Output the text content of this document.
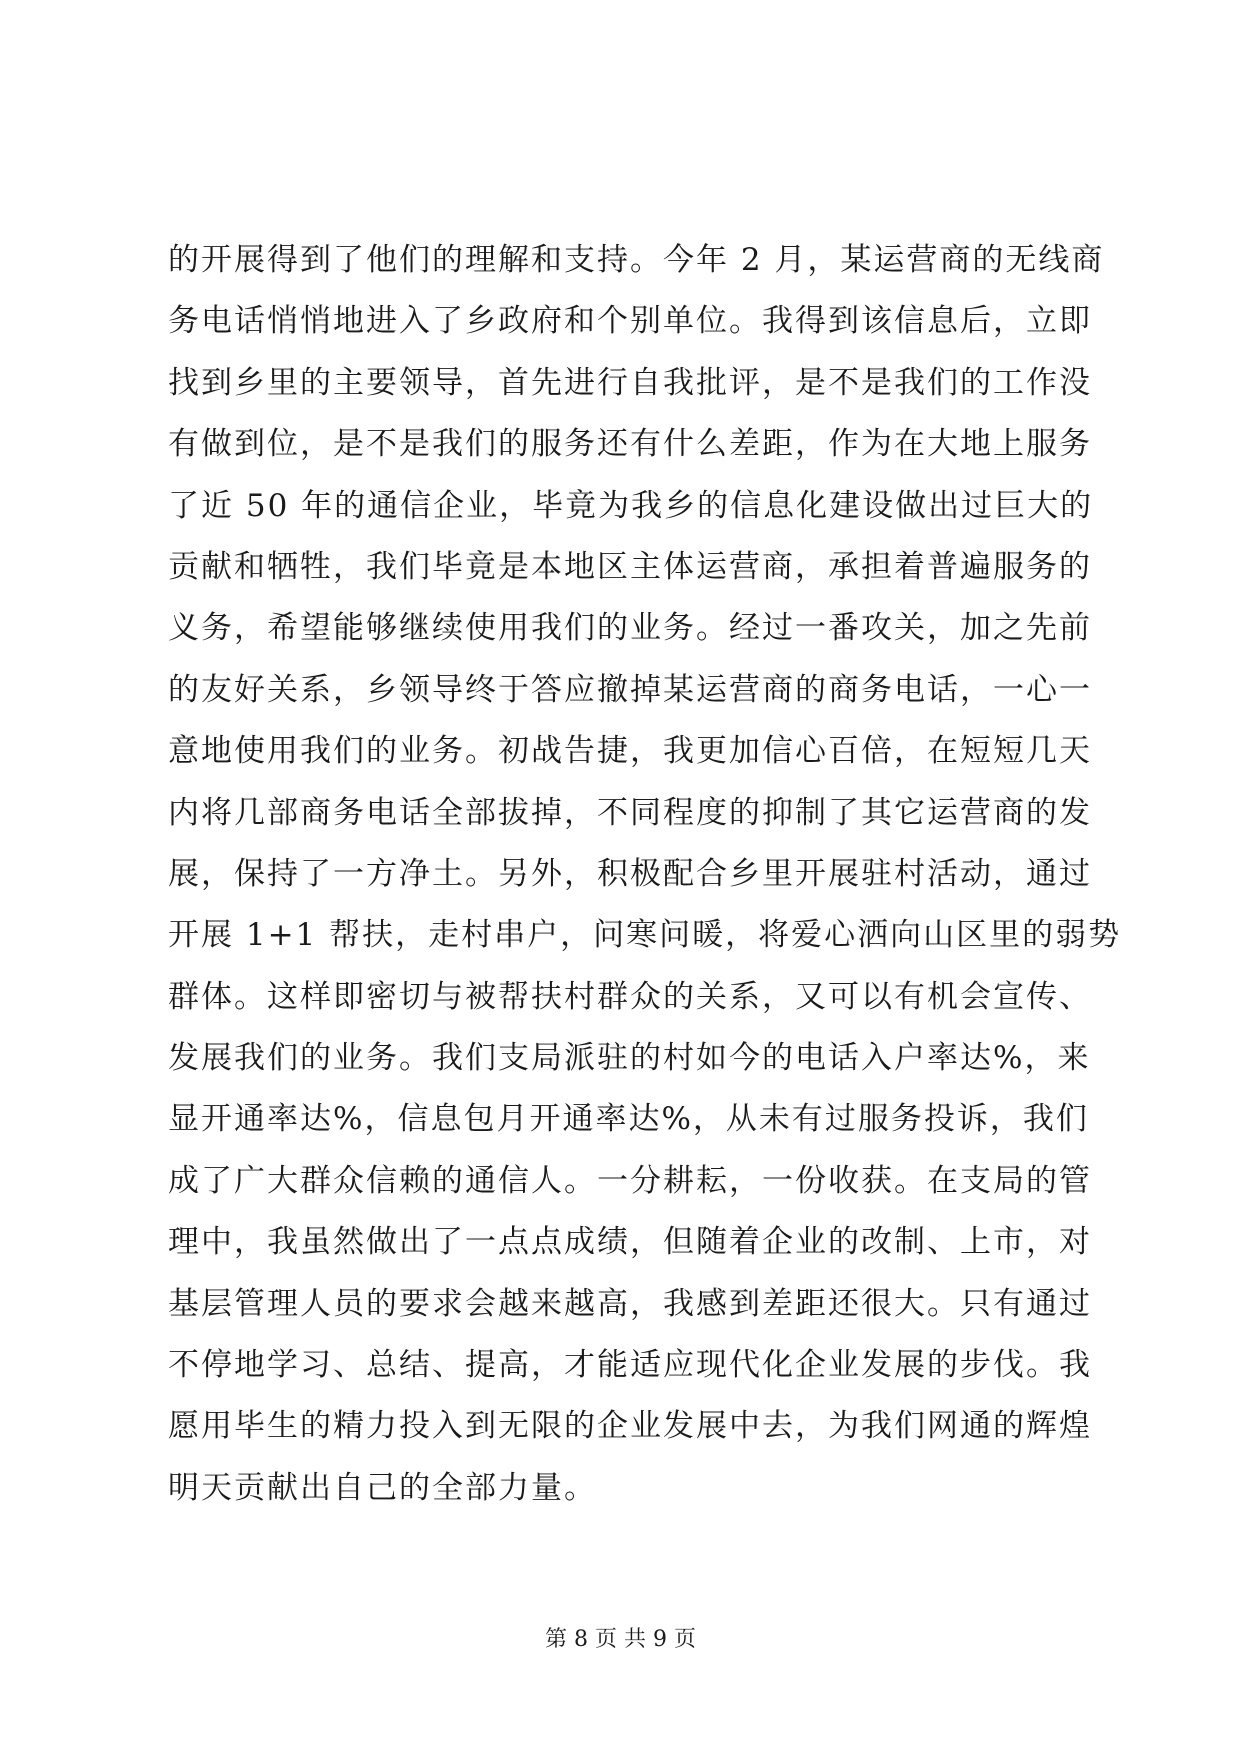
的开展得到了他们的理解和支持。今年 2 月，某运营商的无线商
务电话悄悄地进入了乡政府和个别单位。我得到该信息后，立即
找到乡里的主要领导，首先进行自我批评，是不是我们的工作没
有做到位，是不是我们的服务还有什么差距，作为在大地上服务
了近 50 年的通信企业，毕竟为我乡的信息化建设做出过巨大的
贡献和牺牲，我们毕竟是本地区主体运营商，承担着普遍服务的
义务，希望能够继续使用我们的业务。经过一番攻关，加之先前
的友好关系，乡领导终于答应撤掉某运营商的商务电话，一心一
意地使用我们的业务。初战告捷，我更加信心百倍，在短短几天
内将几部商务电话全部拔掉，不同程度的抑制了其它运营商的发
展，保持了一方净土。另外，积极配合乡里开展驻村活动，通过
开展 1+1 帮扶，走村串户，问寒问暖，将爱心洒向山区里的弱势
群体。这样即密切与被帮扶村群众的关系，又可以有机会宣传、
发展我们的业务。我们支局派驻的村如今的电话入户率达%，来
显开通率达%，信息包月开通率达%，从未有过服务投诉，我们
成了广大群众信赖的通信人。一分耕耘，一份收获。在支局的管
理中，我虽然做出了一点点成绩，但随着企业的改制、上市，对
基层管理人员的要求会越来越高，我感到差距还很大。只有通过
不停地学习、总结、提高，才能适应现代化企业发展的步伐。我
愿用毕生的精力投入到无限的企业发展中去，为我们网通的辉煌
明天贡献出自己的全部力量。
第 8 页 共 9 页
